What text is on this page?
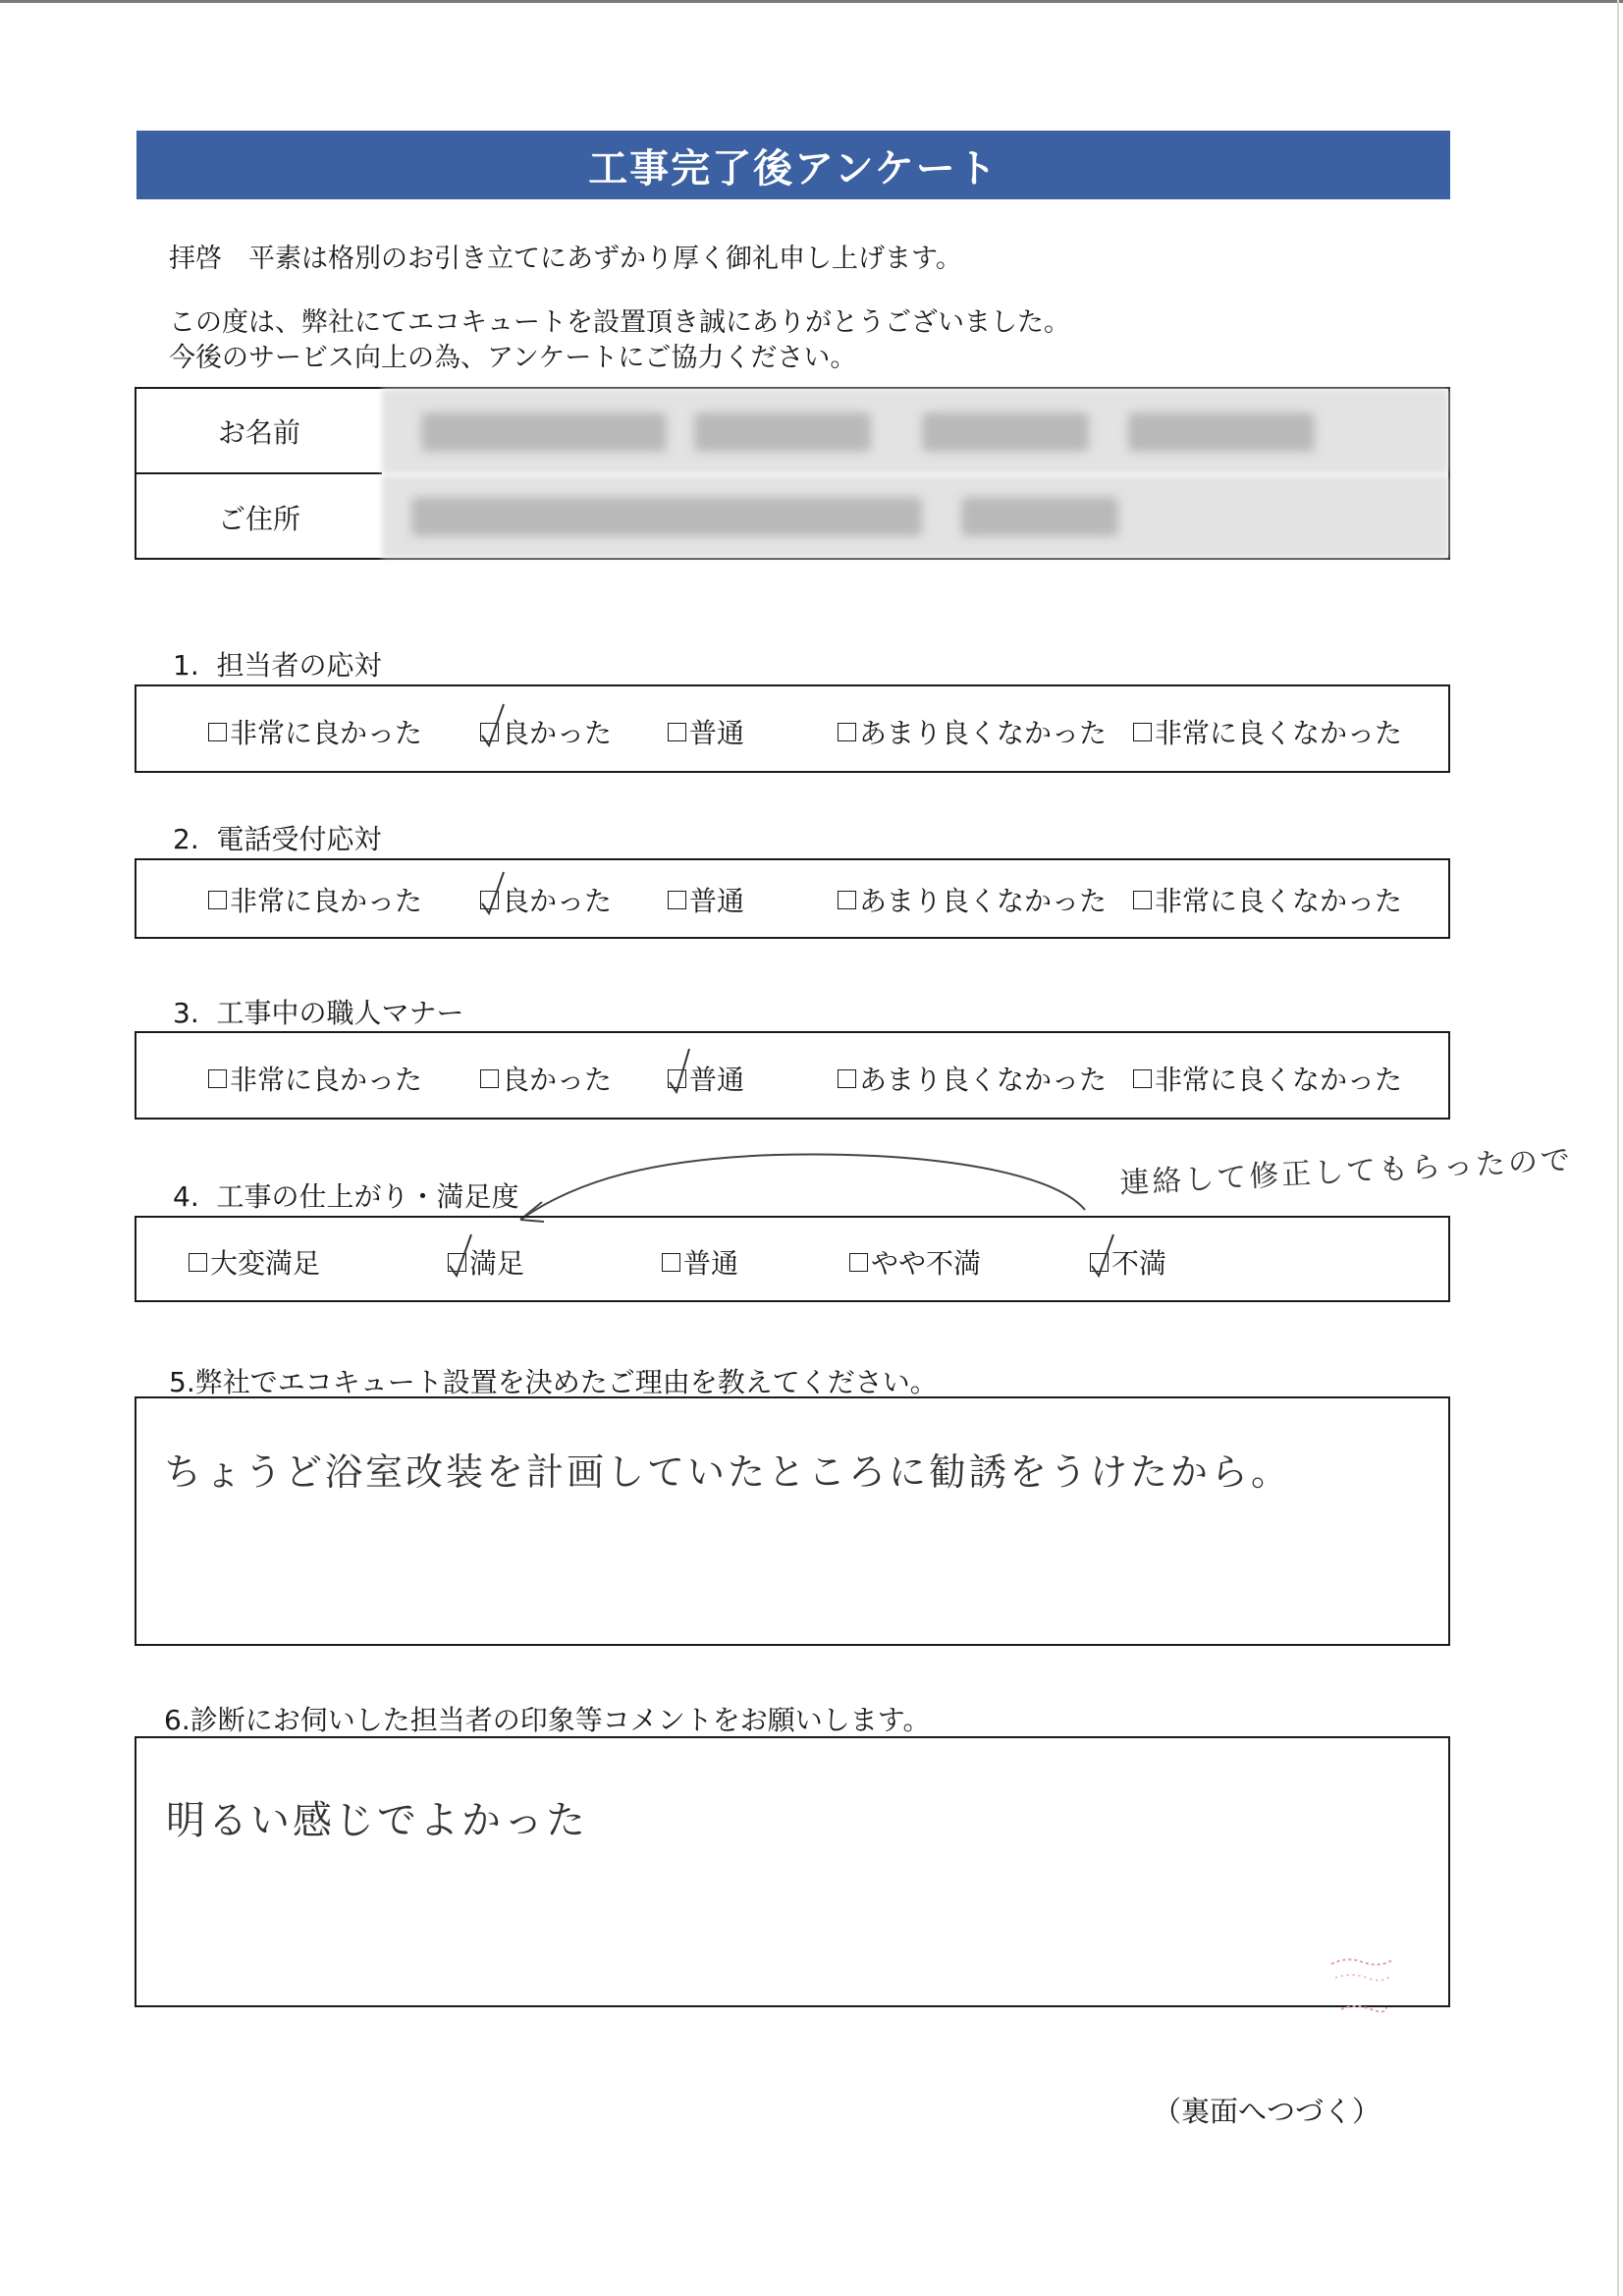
工事完了後アンケート
拝啓　平素は格別のお引き立てにあずかり厚く御礼申し上げます。
この度は、弊社にてエコキュートを設置頂き誠にありがとうございました。
今後のサービス向上の為、アンケートにご協力ください。
お名前
ご住所
1.  担当者の応対
非常に良かった	良かった	普通	あまり良くなかった 非常に良くなかった
2.  電話受付応対
非常に良かった	良かった	普通	あまり良くなかった 非常に良くなかった
3.  工事中の職人マナー
非常に良かった	良かった	普通	あまり良くなかった 非常に良くなかった
4.  工事の仕上がり・満足度	連絡して修正してもらったので
大変満足	満足	普通	やや不満	不満
5.弊社でエコキュート設置を決めたご理由を教えてください。
ちょうど浴室改装を計画していたところに勧誘をうけたから。
6.診断にお伺いした担当者の印象等コメントをお願いします。
明るい感じでよかった
（裏面へつづく）
